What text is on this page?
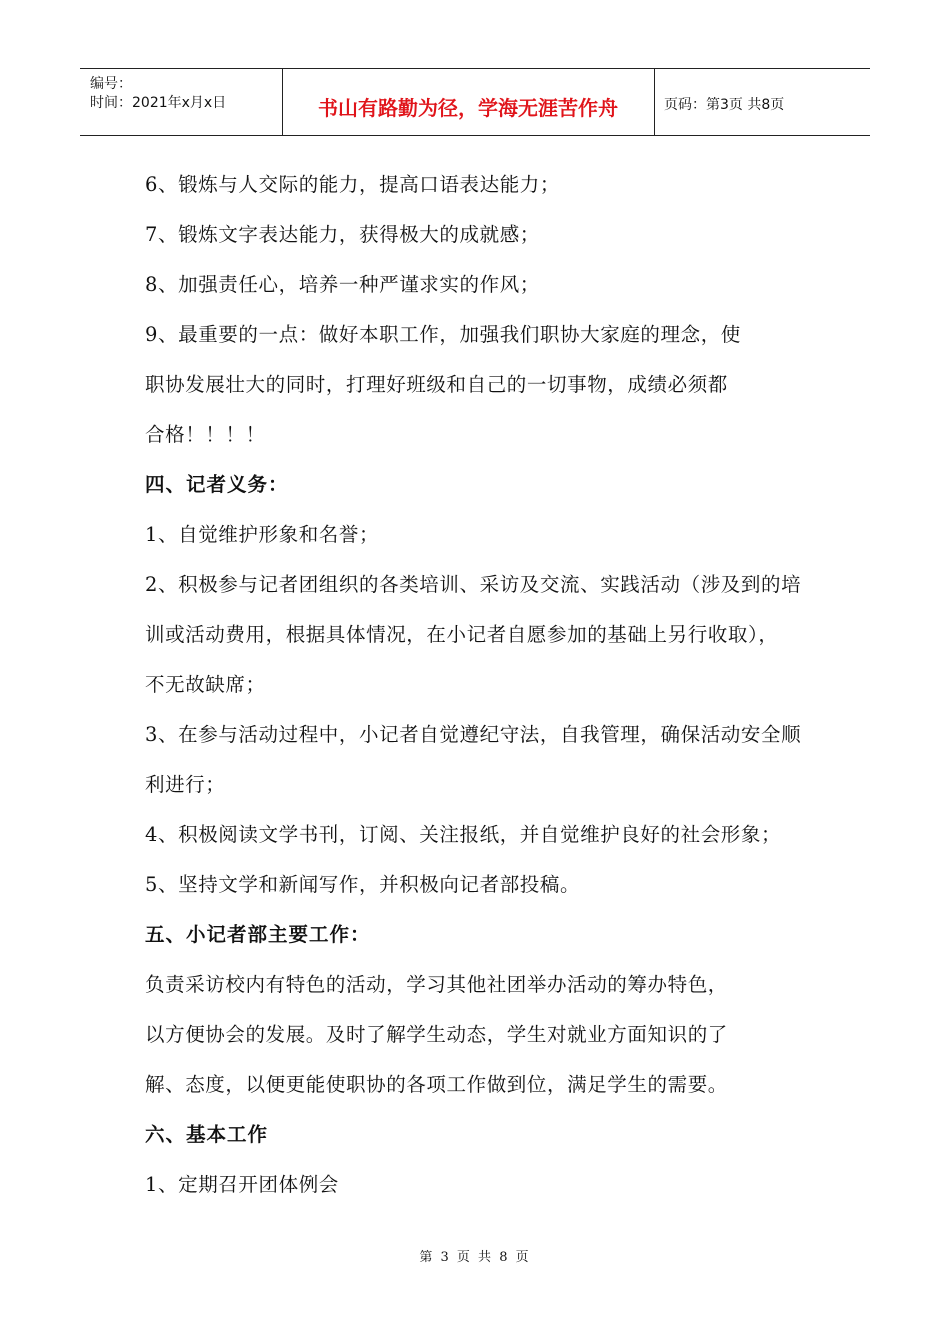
编号：
时间：2021年x月x日	书山有路勤为径，学海无涯苦作舟	页码：第3页 共8页
6、锻炼与人交际的能力，提高口语表达能力；
7、锻炼文字表达能力，获得极大的成就感；
8、加强责任心，培养一种严谨求实的作风；
9、最重要的一点：做好本职工作，加强我们职协大家庭的理念，使
职协发展壮大的同时，打理好班级和自己的一切事物，成绩必须都
合格！！！！
四、记者义务：
1、自觉维护形象和名誉；
2、积极参与记者团组织的各类培训、采访及交流、实践活动（涉及到的培
训或活动费用，根据具体情况，在小记者自愿参加的基础上另行收取），
不无故缺席；
3、在参与活动过程中，小记者自觉遵纪守法，自我管理，确保活动安全顺
利进行；
4、积极阅读文学书刊，订阅、关注报纸，并自觉维护良好的社会形象；
5、坚持文学和新闻写作，并积极向记者部投稿。
五、小记者部主要工作：
负责采访校内有特色的活动，学习其他社团举办活动的筹办特色，
以方便协会的发展。及时了解学生动态，学生对就业方面知识的了
解、态度，以便更能使职协的各项工作做到位，满足学生的需要。
六、基本工作
1、定期召开团体例会
第 3 页 共 8 页
